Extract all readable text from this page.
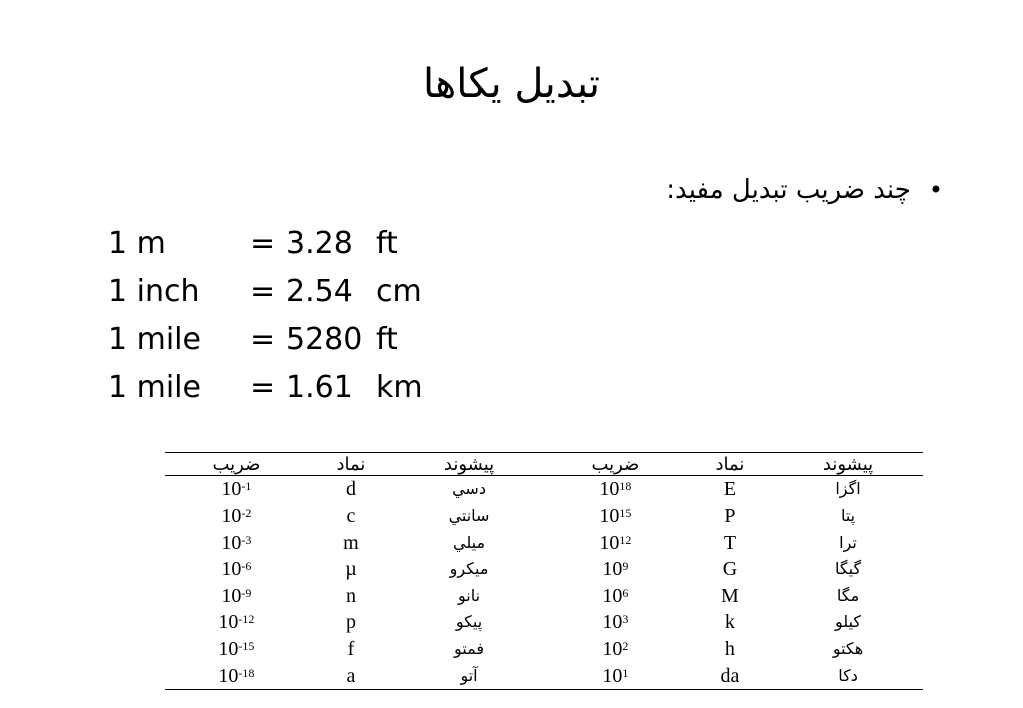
تبدیل یکاها
•چند ضریب تبدیل مفید:
1 m	= 3.28 ft
1 inch = 2.54 cm
1 mile = 5280 ft
1 mile = 1.61 km
ضریب	نماد	پیشوند	ضریب	نماد	پیشوند
$10^{-1}$	d	دسي	$10^{18}$	E	اگزا
$10^{-2}$	c	سانتي	$10^{15}$	P	پتا
$10^{-3}$	m	ميلي	$10^{12}$	T	ترا
$10^{-6}$	µ	ميكرو	$10^9$	G	گيگا
$10^{-9}$	n	نانو	$10^6$	M	مگا
$10^{-12}$	p	پيكو	$10^3$	k	كيلو
$10^{-15}$	f	فمتو	$10^2$	h	هكتو
$10^{-18}$	a	آتو	$10^1$	da	دكا
